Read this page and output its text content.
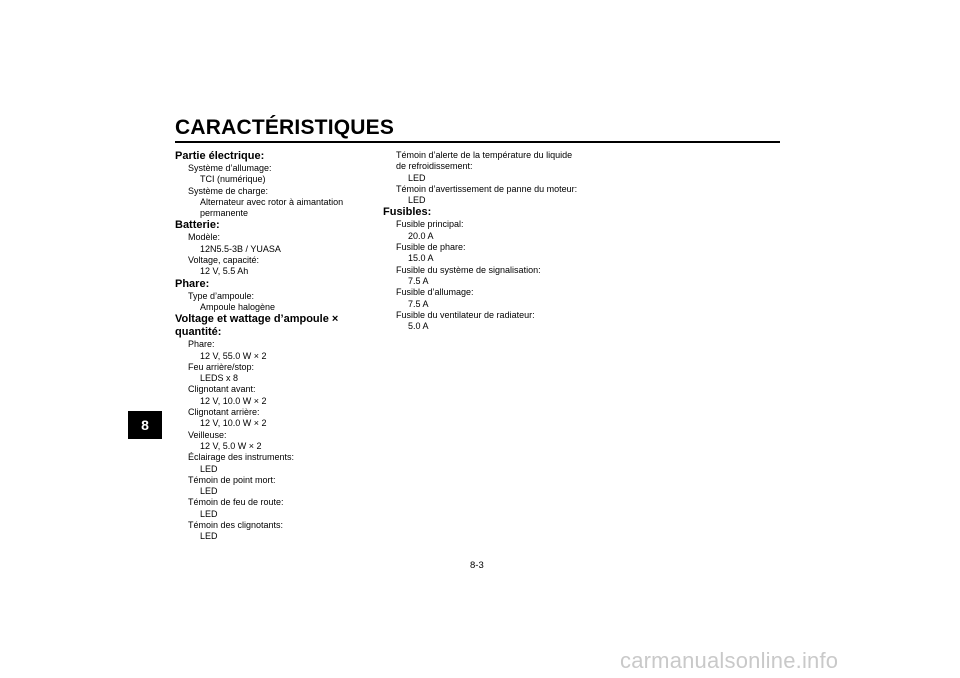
CARACTÉRISTIQUES
8
Partie électrique:
Système d’allumage:
TCI (numérique)
Système de charge:
Alternateur avec rotor à aimantation
permanente
Batterie:
Modèle:
12N5.5-3B / YUASA
Voltage, capacité:
12 V, 5.5 Ah
Phare:
Type d’ampoule:
Ampoule halogène
Voltage et wattage d’ampoule × quantité:
Phare:
12 V, 55.0 W × 2
Feu arrière/stop:
LEDS x 8
Clignotant avant:
12 V, 10.0 W × 2
Clignotant arrière:
12 V, 10.0 W × 2
Veilleuse:
12 V, 5.0 W × 2
Éclairage des instruments:
LED
Témoin de point mort:
LED
Témoin de feu de route:
LED
Témoin des clignotants:
LED
Témoin d’alerte de la température du liquide
de refroidissement:
LED
Témoin d’avertissement de panne du moteur:
LED
Fusibles:
Fusible principal:
20.0 A
Fusible de phare:
15.0 A
Fusible du système de signalisation:
7.5 A
Fusible d’allumage:
7.5 A
Fusible du ventilateur de radiateur:
5.0 A
8-3
carmanualsonline.info
